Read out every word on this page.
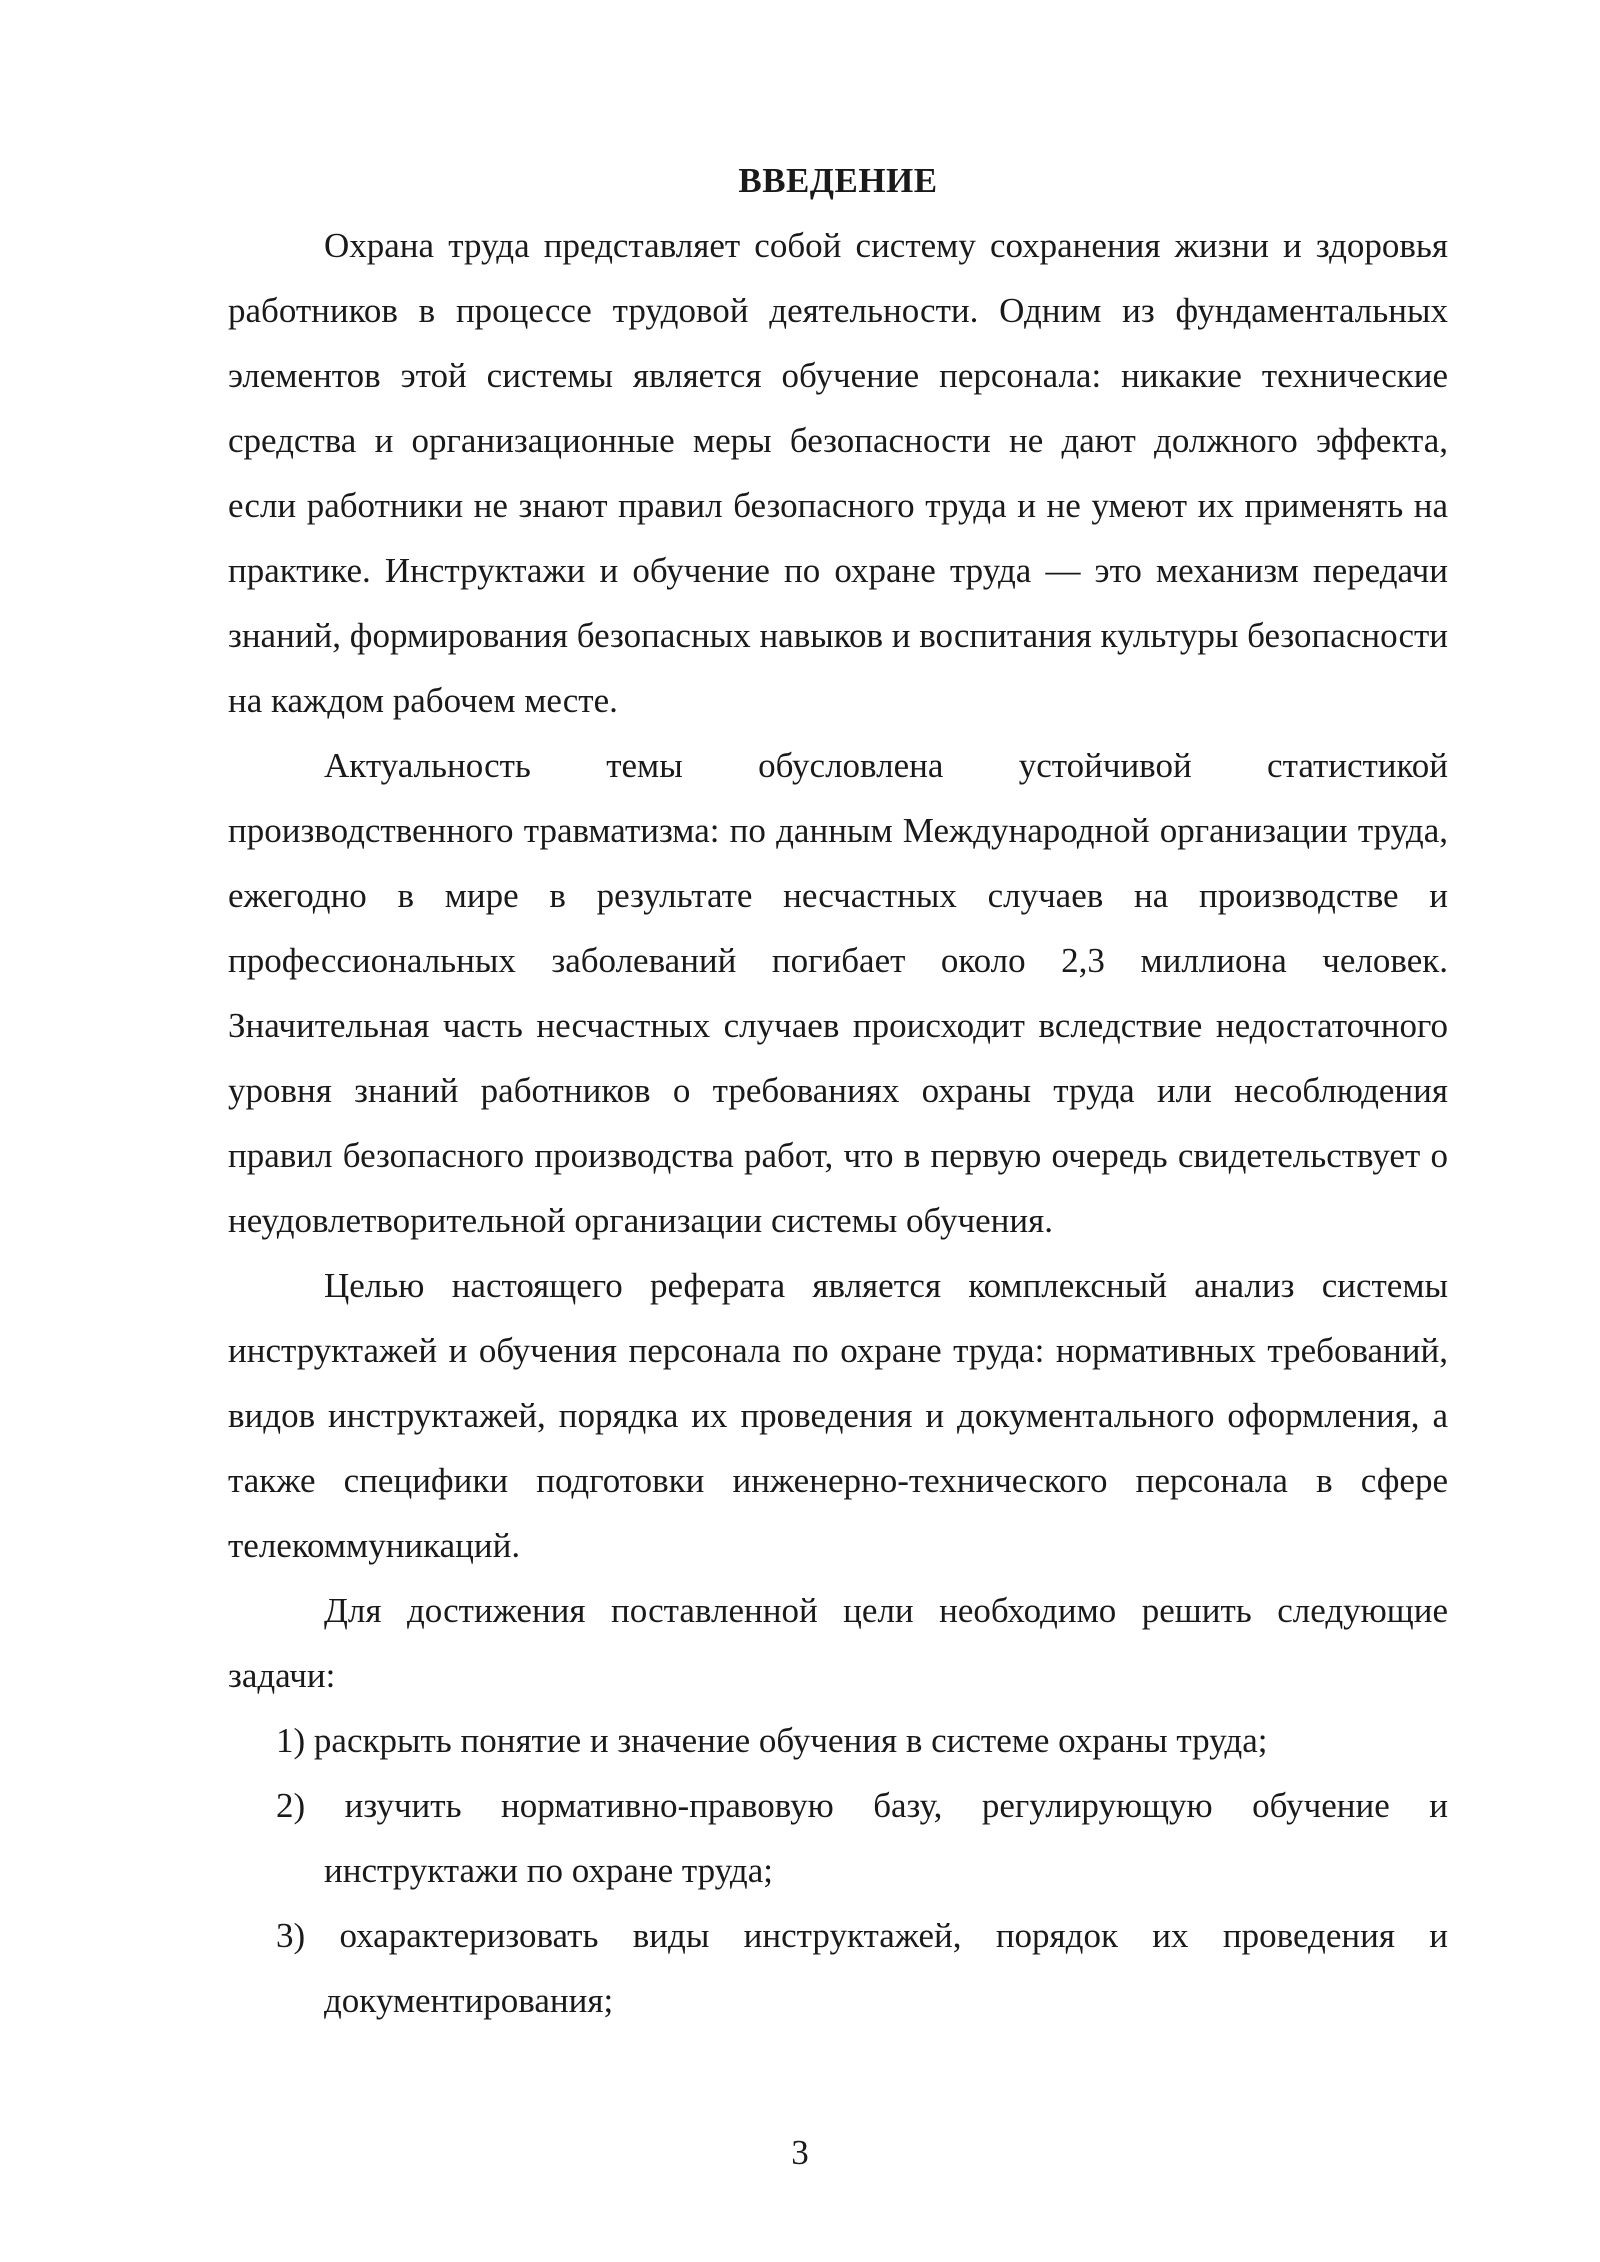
ВВЕДЕНИЕ

Охрана труда представляет собой систему сохранения жизни и здоровья работников в процессе трудовой деятельности. Одним из фундаментальных элементов этой системы является обучение персонала: никакие технические средства и организационные меры безопасности не дают должного эффекта, если работники не знают правил безопасного труда и не умеют их применять на практике. Инструктажи и обучение по охране труда — это механизм передачи знаний, формирования безопасных навыков и воспитания культуры безопасности на каждом рабочем месте.

Актуальность темы обусловлена устойчивой статистикой производственного травматизма: по данным Международной организации труда, ежегодно в мире в результате несчастных случаев на производстве и профессиональных заболеваний погибает около 2,3 миллиона человек. Значительная часть несчастных случаев происходит вследствие недостаточного уровня знаний работников о требованиях охраны труда или несоблюдения правил безопасного производства работ, что в первую очередь свидетельствует о неудовлетворительной организации системы обучения.

Целью настоящего реферата является комплексный анализ системы инструктажей и обучения персонала по охране труда: нормативных требований, видов инструктажей, порядка их проведения и документального оформления, а также специфики подготовки инженерно-технического персонала в сфере телекоммуникаций.

Для достижения поставленной цели необходимо решить следующие задачи:

1) раскрыть понятие и значение обучения в системе охраны труда;
2) изучить нормативно-правовую базу, регулирующую обучение и инструктажи по охране труда;
3) охарактеризовать виды инструктажей, порядок их проведения и документирования;
3
